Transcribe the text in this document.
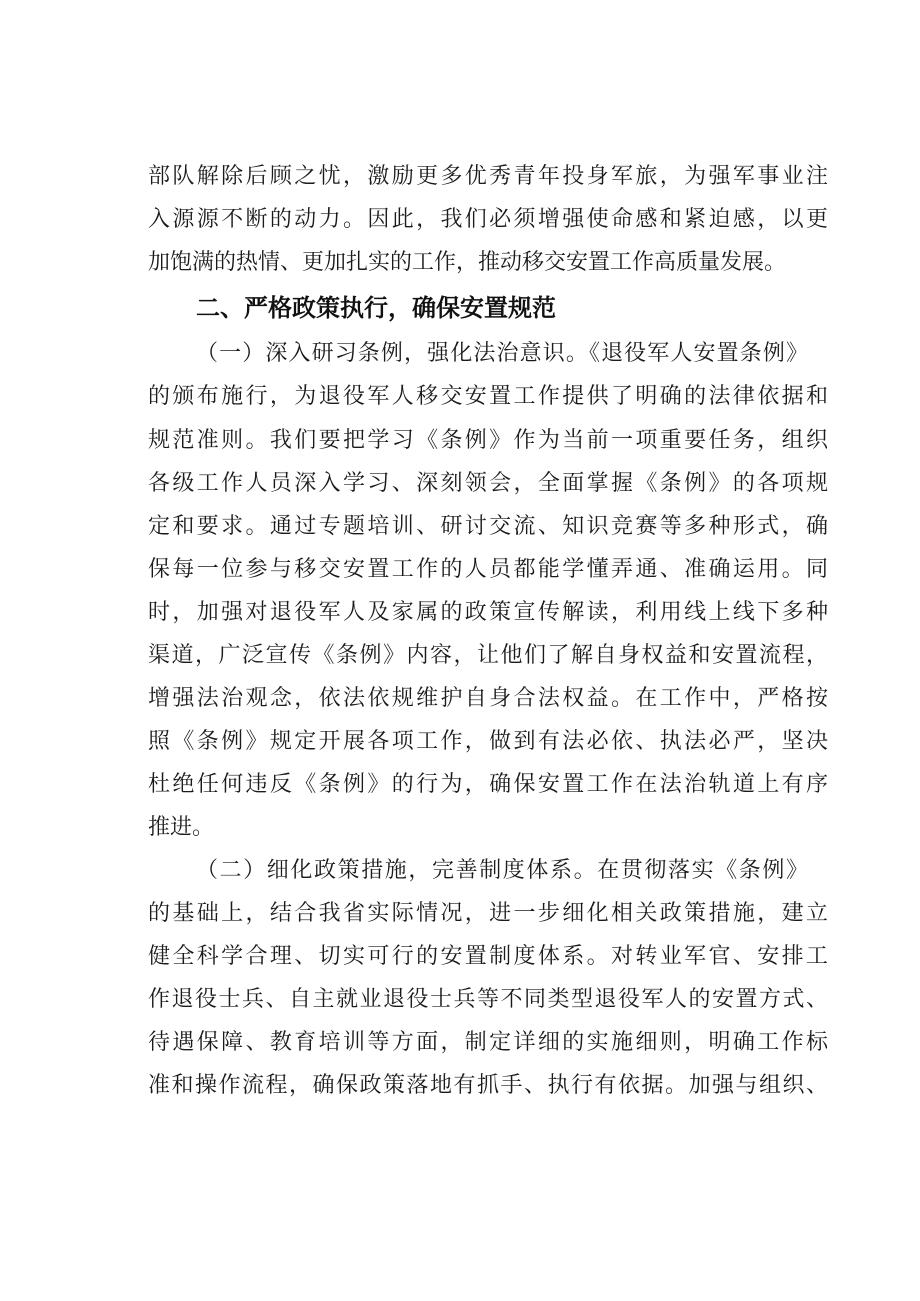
部队解除后顾之忧，激励更多优秀青年投身军旅，为强军事业注
入源源不断的动力。因此，我们必须增强使命感和紧迫感，以更
加饱满的热情、更加扎实的工作，推动移交安置工作高质量发展。
二、严格政策执行，确保安置规范
（一）深入研习条例，强化法治意识。《退役军人安置条例》
的颁布施行，为退役军人移交安置工作提供了明确的法律依据和
规范准则。我们要把学习《条例》作为当前一项重要任务，组织
各级工作人员深入学习、深刻领会，全面掌握《条例》的各项规
定和要求。通过专题培训、研讨交流、知识竞赛等多种形式，确
保每一位参与移交安置工作的人员都能学懂弄通、准确运用。同
时，加强对退役军人及家属的政策宣传解读，利用线上线下多种
渠道，广泛宣传《条例》内容，让他们了解自身权益和安置流程，
增强法治观念，依法依规维护自身合法权益。在工作中，严格按
照《条例》规定开展各项工作，做到有法必依、执法必严，坚决
杜绝任何违反《条例》的行为，确保安置工作在法治轨道上有序
推进。
（二）细化政策措施，完善制度体系。在贯彻落实《条例》
的基础上，结合我省实际情况，进一步细化相关政策措施，建立
健全科学合理、切实可行的安置制度体系。对转业军官、安排工
作退役士兵、自主就业退役士兵等不同类型退役军人的安置方式、
待遇保障、教育培训等方面，制定详细的实施细则，明确工作标
准和操作流程，确保政策落地有抓手、执行有依据。加强与组织、
